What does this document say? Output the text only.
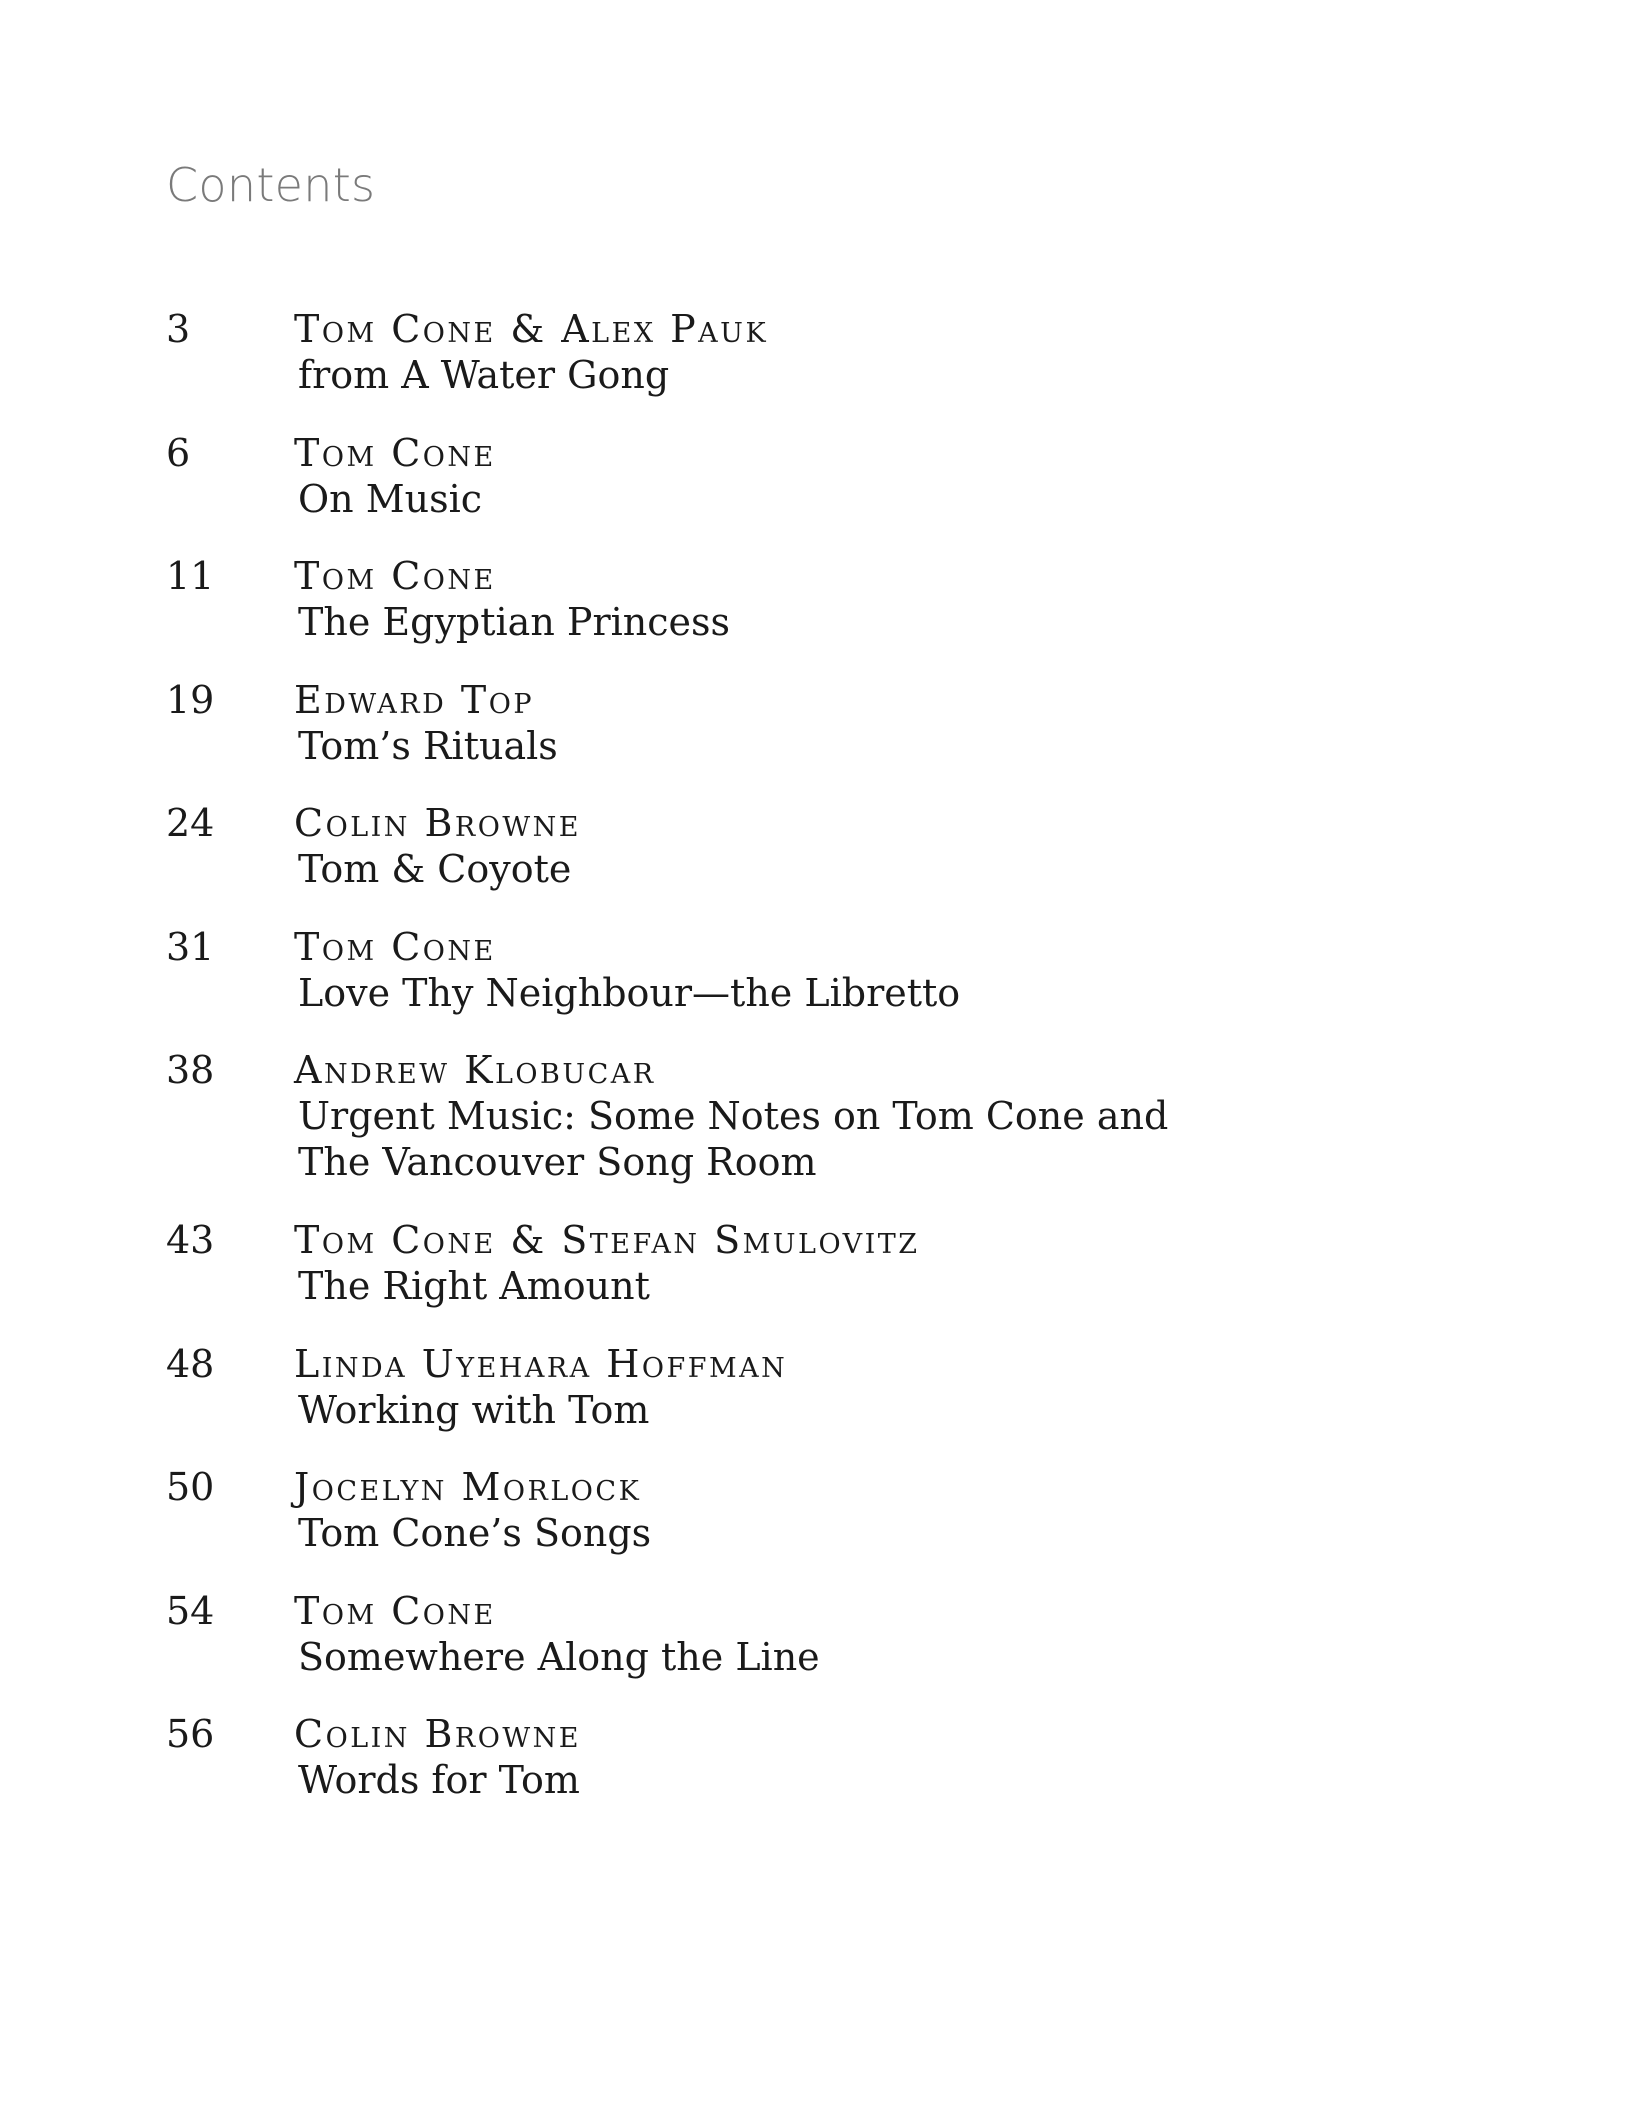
Contents
3	Tom Cone & Alex Pauk
from A Water Gong
6	Tom Cone
On Music
11	Tom Cone
The Egyptian Princess
19	Edward Top
Tom’s Rituals
24	Colin Browne
Tom & Coyote
31	Tom Cone
Love Thy Neighbour—the Libretto
38	Andrew Klobucar
Urgent Music: Some Notes on Tom Cone and
The Vancouver Song Room
43	Tom Cone & Stefan Smulovitz
The Right Amount
48	Linda Uyehara Hoffman
Working with Tom
50	Jocelyn Morlock
Tom Cone’s Songs
54	Tom Cone
Somewhere Along the Line
56	Colin Browne
Words for Tom
